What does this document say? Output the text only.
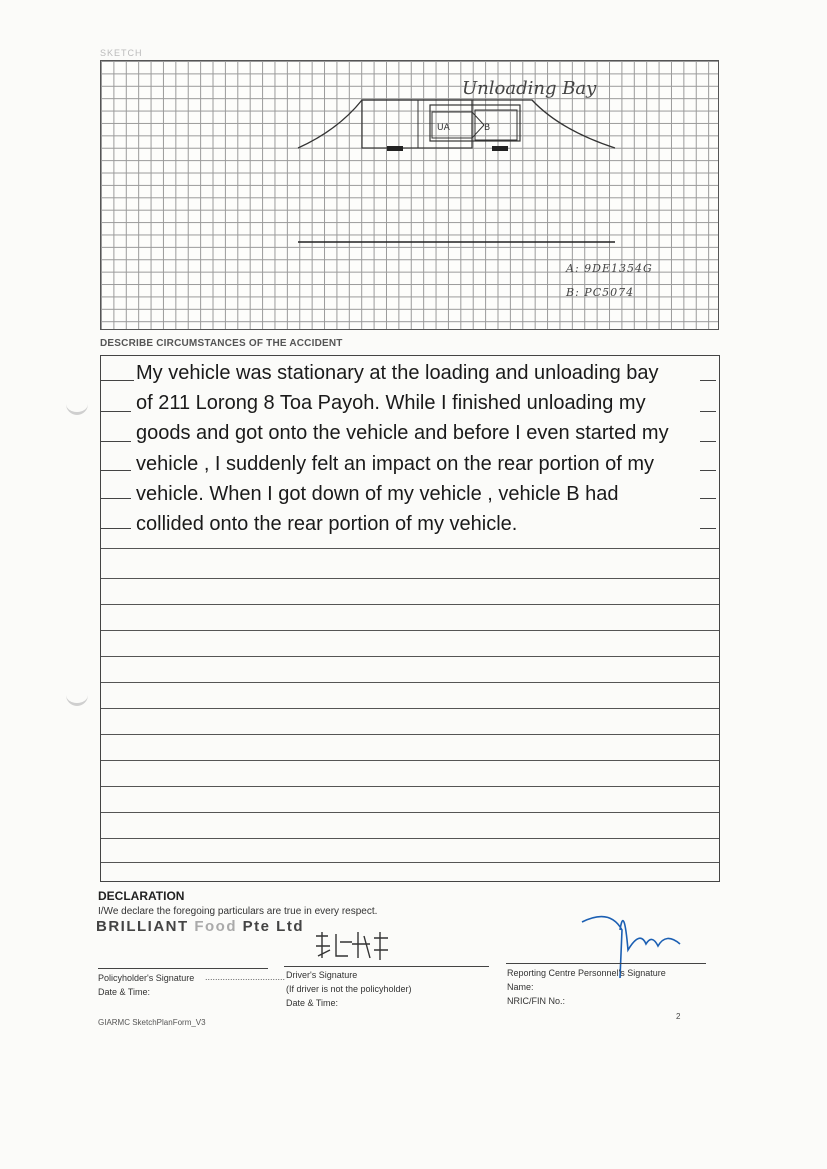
SKETCH
UA	B
Unloading Bay
A: 9DE1354G
B: PC5074
DESCRIBE CIRCUMSTANCES OF THE ACCIDENT
My vehicle was stationary at the loading and unloading bay
of 211 Lorong 8 Toa Payoh. While I finished unloading my
goods and got onto the vehicle and before I even started my
vehicle , I suddenly felt an impact on the rear portion of my
vehicle. When I got down of my vehicle , vehicle B had
collided onto the rear portion of my vehicle.
DECLARATION
I/We declare the foregoing particulars are true in every respect.
BRILLIANT Food Pte Ltd
Policyholder's Signature ................................
Date & Time:
Driver's Signature
(If driver is not the policyholder)
Date & Time:
Reporting Centre Personnel's Signature
Name:
NRIC/FIN No.:
GIARMC SketchPlanForm_V3
2
